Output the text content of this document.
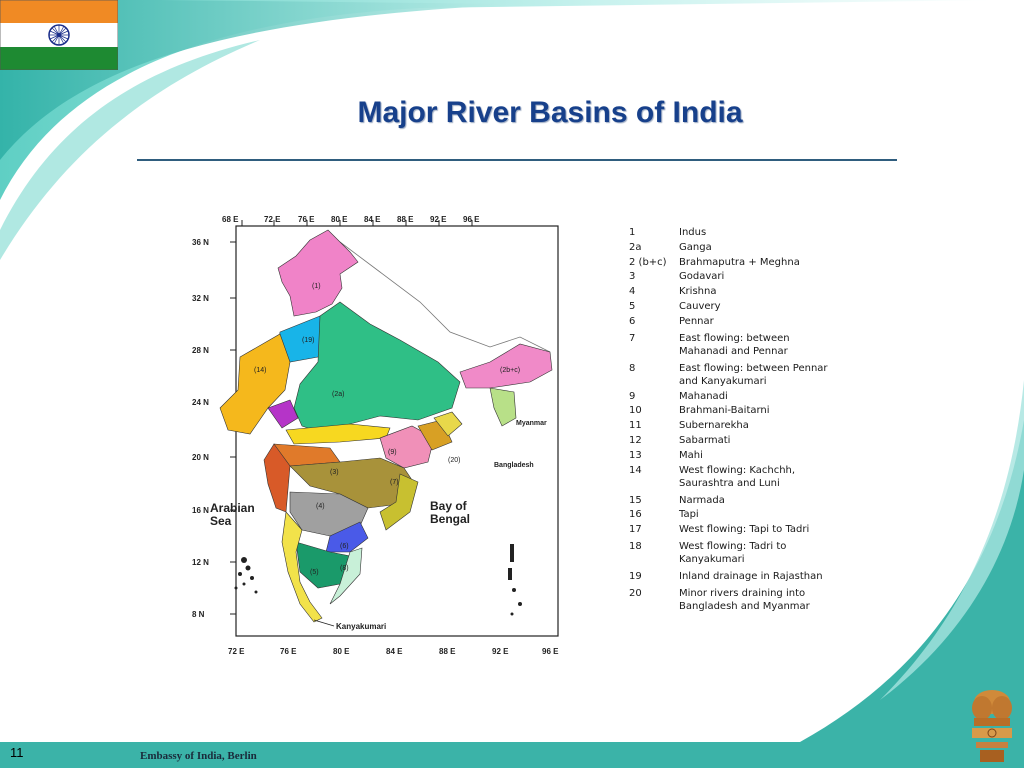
Major River Basins of India
68 E	72 E 76 E 80 E 84 E 88 E 92 E 96 E
72 E	76 E	80 E	84 E	88 E	92 E	96 E
36 N
32 N
28 N
24 N
20 N
16 N
12 N
8 N
Arabian Sea
Bay of Bengal
Myanmar
Bangladesh
Kanyakumari
(1)
(19)
(14)
(2a)
(3)
(4)
(5)
(6)
(7)
(8)
(9)
(20)
(2b+c)
1	Indus
2a	Ganga
2 (b+c)	Brahmaputra + Meghna
3	Godavari
4	Krishna
5	Cauvery
6	Pennar
7	East flowing: between
Mahanadi and Pennar
8	East flowing: between Pennar
and Kanyakumari
9	Mahanadi
10	Brahmani-Baitarni
11	Subernarekha
12	Sabarmati
13	Mahi
14	West flowing: Kachchh,
Saurashtra and Luni
15	Narmada
16	Tapi
17	West flowing: Tapi to Tadri
18	West flowing: Tadri to
Kanyakumari
19	Inland drainage in Rajasthan
20	Minor rivers draining into
Bangladesh and Myanmar
11	Embassy of India, Berlin
